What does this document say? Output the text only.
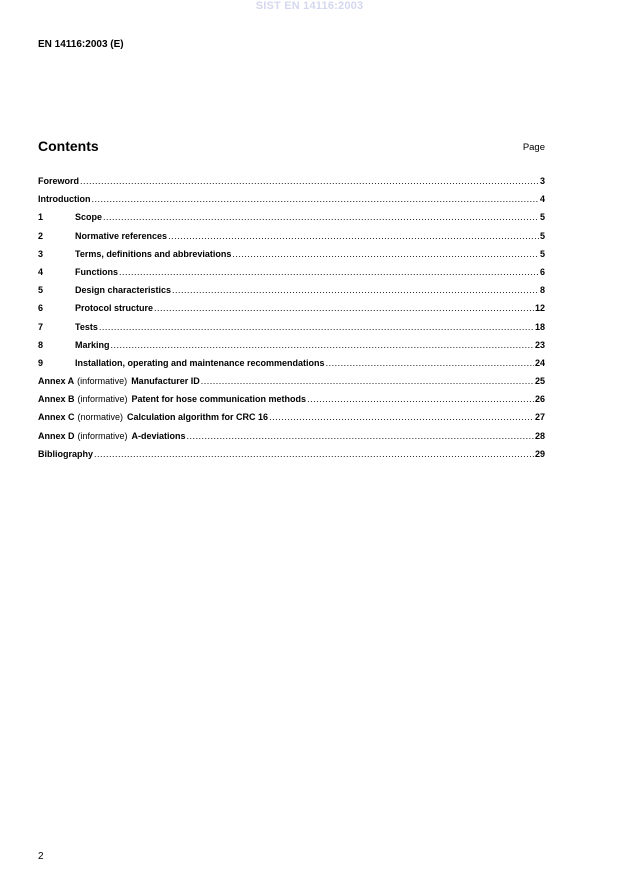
SIST EN 14116:2003
EN 14116:2003 (E)
Contents	Page
Foreword .....	3
Introduction .....	4
1	Scope .....	5
2	Normative references .....	5
3	Terms, definitions and abbreviations .....	5
4	Functions .....	6
5	Design characteristics .....	8
6	Protocol structure .....	12
7	Tests .....	18
8	Marking .....	23
9	Installation, operating and maintenance recommendations .....	24
Annex A (informative) Manufacturer ID .....	25
Annex B (informative) Patent for hose communication methods .....	26
Annex C (normative) Calculation algorithm for CRC 16 .....	27
Annex D (informative) A-deviations .....	28
Bibliography .....	29
2
